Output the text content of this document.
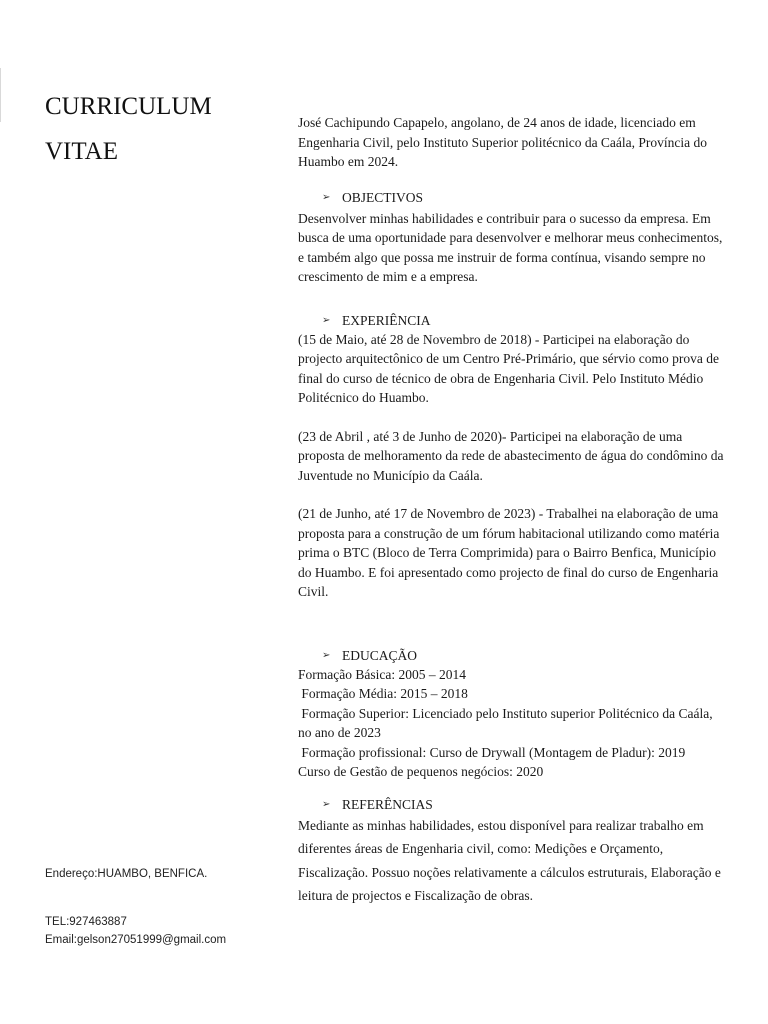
CURRICULUM
VITAE
Endereço:HUAMBO, BENFICA.
TEL:927463887
Email:gelson27051999@gmail.com

José Cachipundo Capapelo, angolano, de 24 anos de idade, licenciado em Engenharia Civil, pelo Instituto Superior politécnico da Caála, Província do Huambo em 2024.

➢ OBJECTIVOS

Desenvolver minhas habilidades e contribuir para o sucesso da empresa. Em busca de uma oportunidade para desenvolver e melhorar meus conhecimentos, e também algo que possa me instruir de forma contínua, visando sempre no crescimento de mim e a empresa.

➢ EXPERIÊNCIA

(15 de Maio, até 28 de Novembro de 2018) - Participei na elaboração do projecto arquitectônico de um Centro Pré-Primário, que sérvio como prova de final do curso de técnico de obra de Engenharia Civil. Pelo Instituto Médio Politécnico do Huambo.

(23 de Abril , até 3 de Junho de 2020)- Participei na elaboração de uma proposta de melhoramento da rede de abastecimento de água do condômino da Juventude no Município da Caála.

(21 de Junho, até 17 de Novembro de 2023) - Trabalhei na elaboração de uma proposta para a construção de um fórum habitacional utilizando como matéria prima o BTC (Bloco de Terra Comprimida) para o Bairro Benfica, Município do Huambo. E foi apresentado como projecto de final do curso de Engenharia Civil.

➢ EDUCAÇÃO

Formação Básica: 2005 – 2014

Formação Média: 2015 – 2018

Formação Superior: Licenciado pelo Instituto superior Politécnico da Caála, no ano de 2023

Formação profissional: Curso de Drywall (Montagem de Pladur): 2019

Curso de Gestão de pequenos negócios: 2020

➢ REFERÊNCIAS

Mediante as minhas habilidades, estou disponível para realizar trabalho em diferentes áreas de Engenharia civil, como: Medições e Orçamento, Fiscalização. Possuo noções relativamente a cálculos estruturais, Elaboração e leitura de projectos e Fiscalização de obras.
